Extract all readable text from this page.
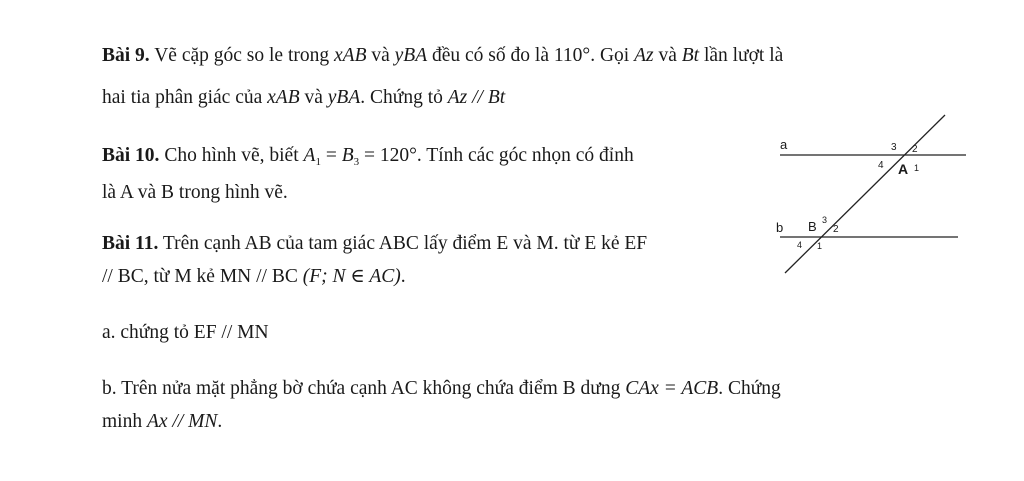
Bài 9. Vẽ cặp góc so le trong xAB và yBA đều có số đo là 110°. Gọi Az và Bt lần lượt là
hai tia phân giác của xAB và yBA. Chứng tỏ Az // Bt
Bài 10. Cho hình vẽ, biết $A_1 = B_3 = 120^\circ$. Tính các góc nhọn có đỉnh
là A và B trong hình vẽ.
Bài 11. Trên cạnh AB của tam giác ABC lấy điểm E và M. từ E kẻ EF
// BC, từ M kẻ MN // BC (F; N ∈ AC).
a. chứng tỏ EF // MN
b. Trên nửa mặt phẳng bờ chứa cạnh AC không chứa điểm B dưng CAx = ACB. Chứng
minh Ax // MN.
a
b
3 2
4 A 1
B 3
2
4 1
